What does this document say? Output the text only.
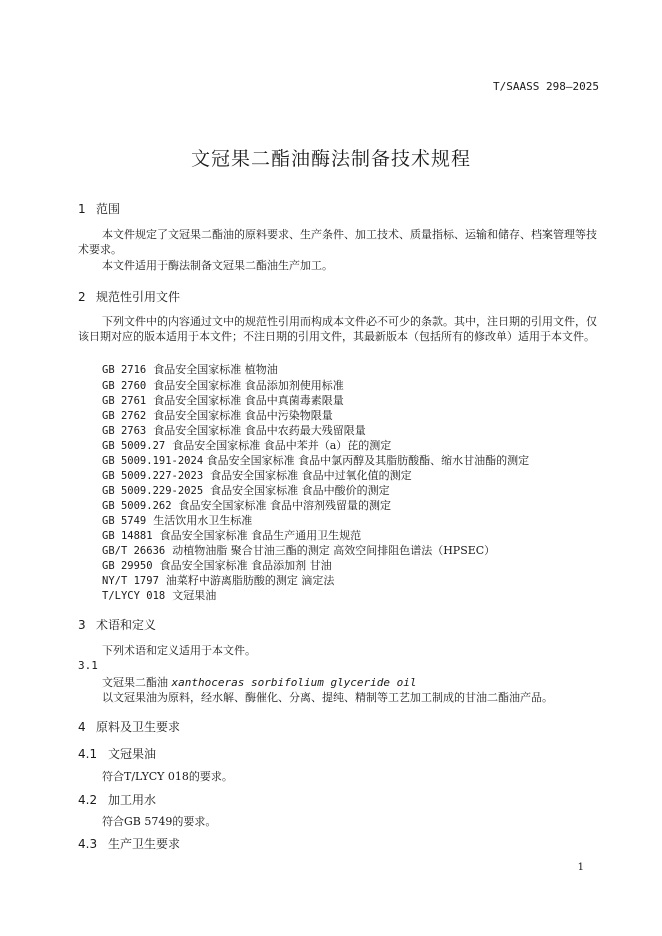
T/SAASS 298—2025
文冠果二酯油酶法制备技术规程
1 范围
本文件规定了文冠果二酯油的原料要求、生产条件、加工技术、质量指标、运输和储存、档案管理等技术要求。
本文件适用于酶法制备文冠果二酯油生产加工。
2 规范性引用文件
下列文件中的内容通过文中的规范性引用而构成本文件必不可少的条款。其中，注日期的引用文件，仅该日期对应的版本适用于本文件；不注日期的引用文件，其最新版本（包括所有的修改单）适用于本文件。
GB 2716 食品安全国家标准 植物油
GB 2760 食品安全国家标准 食品添加剂使用标准
GB 2761 食品安全国家标准 食品中真菌毒素限量
GB 2762 食品安全国家标准 食品中污染物限量
GB 2763 食品安全国家标准 食品中农药最大残留限量
GB 5009.27 食品安全国家标准 食品中苯并（a）芘的测定
GB 5009.191-2024 食品安全国家标准 食品中氯丙醇及其脂肪酸酯、缩水甘油酯的测定
GB 5009.227-2023 食品安全国家标准 食品中过氧化值的测定
GB 5009.229-2025 食品安全国家标准 食品中酸价的测定
GB 5009.262 食品安全国家标准 食品中溶剂残留量的测定
GB 5749 生活饮用水卫生标准
GB 14881 食品安全国家标准 食品生产通用卫生规范
GB/T 26636 动植物油脂 聚合甘油三酯的测定 高效空间排阻色谱法（HPSEC）
GB 29950 食品安全国家标准 食品添加剂 甘油
NY/T 1797 油菜籽中游离脂肪酸的测定 滴定法
T/LYCY 018 文冠果油
3 术语和定义
下列术语和定义适用于本文件。
3.1
文冠果二酯油 xanthoceras sorbifolium glyceride oil
以文冠果油为原料，经水解、酶催化、分离、提纯、精制等工艺加工制成的甘油二酯油产品。
4 原料及卫生要求
4.1 文冠果油
符合T/LYCY 018的要求。
4.2 加工用水
符合GB 5749的要求。
4.3 生产卫生要求
1
